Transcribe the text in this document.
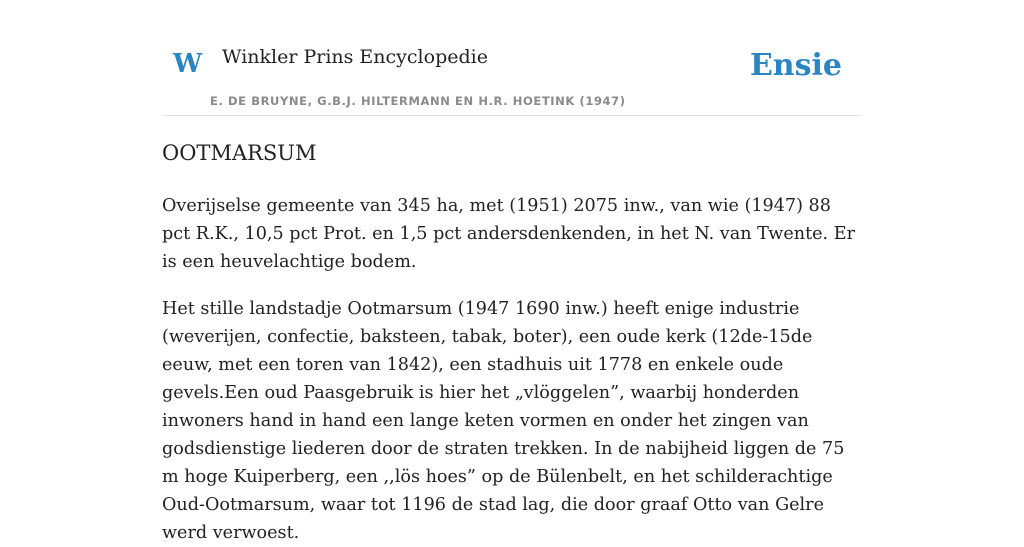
W Winkler Prins Encyclopedie
E. DE BRUYNE, G.B.J. HILTERMANN EN H.R. HOETINK (1947)
Ensie
OOTMARSUM

Overijselse gemeente van 345 ha, met (1951) 2075 inw., van wie (1947) 88 pct R.K., 10,5 pct Prot. en 1,5 pct andersdenkenden, in het N. van Twente. Er is een heuvelachtige bodem.

Het stille landstadje Ootmarsum (1947 1690 inw.) heeft enige industrie (weverijen, confectie, baksteen, tabak, boter), een oude kerk (12de-15de eeuw, met een toren van 1842), een stadhuis uit 1778 en enkele oude gevels.Een oud Paasgebruik is hier het „vlöggelen”, waarbij honderden inwoners hand in hand een lange keten vormen en onder het zingen van godsdienstige liederen door de straten trekken. In de nabijheid liggen de 75 m hoge Kuiperberg, een ,,lös hoes” op de Bülenbelt, en het schilderachtige Oud-Ootmarsum, waar tot 1196 de stad lag, die door graaf Otto van Gelre werd verwoest.
